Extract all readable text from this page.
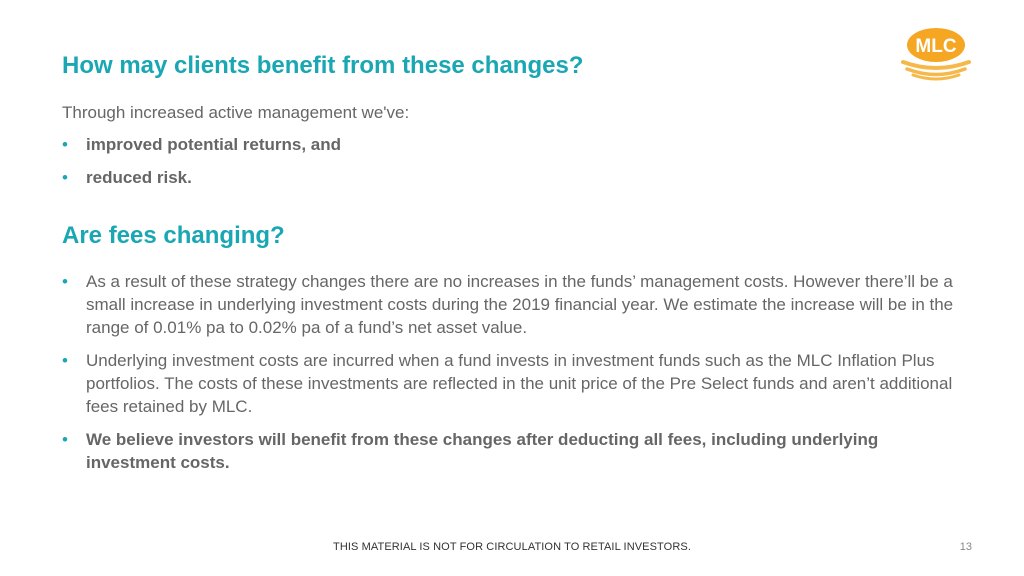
How may clients benefit from these changes?
MLC
Through increased active management we've:
• improved potential returns, and
• reduced risk.
Are fees changing?
• As a result of these strategy changes there are no increases in the funds’ management costs. However there’ll be a small increase in underlying investment costs during the 2019 financial year. We estimate the increase will be in the range of 0.01% pa to 0.02% pa of a fund’s net asset value.
• Underlying investment costs are incurred when a fund invests in investment funds such as the MLC Inflation Plus portfolios. The costs of these investments are reflected in the unit price of the Pre Select funds and aren’t additional fees retained by MLC.
• We believe investors will benefit from these changes after deducting all fees, including underlying investment costs.
THIS MATERIAL IS NOT FOR CIRCULATION TO RETAIL INVESTORS.	13
